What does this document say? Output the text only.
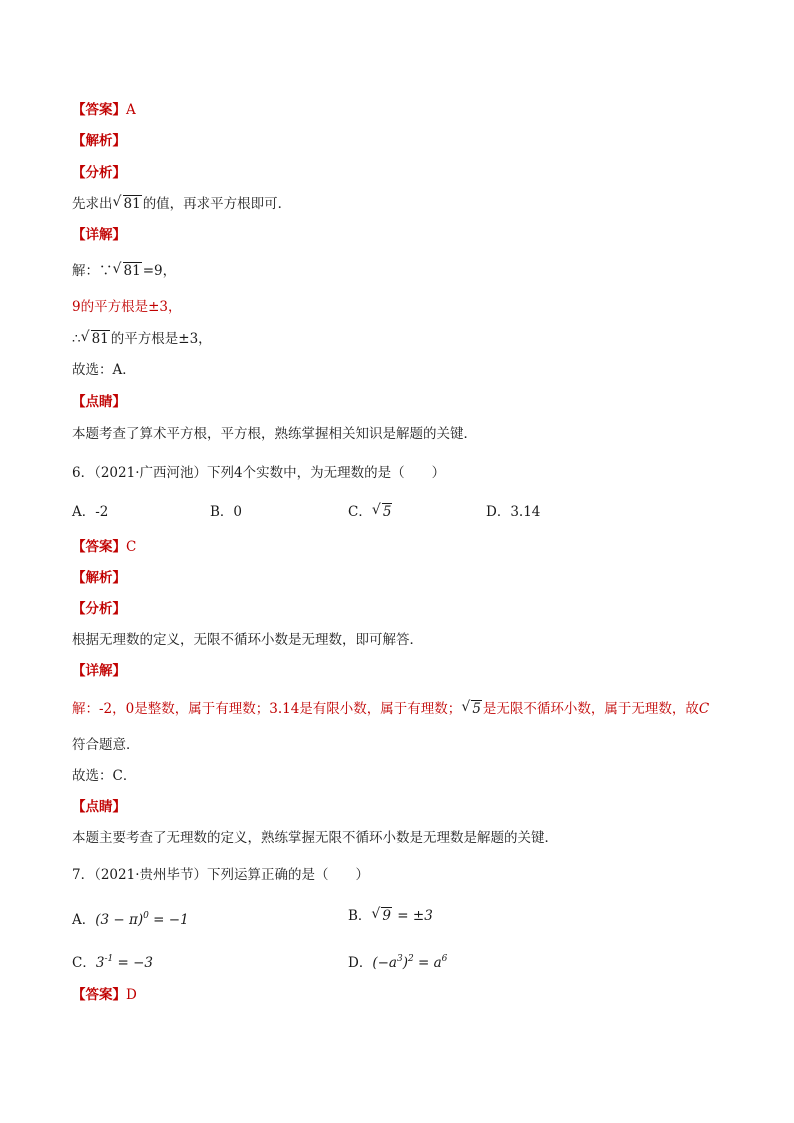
【答案】A
【解析】
【分析】
先求出 √ 81 的值，再求平方根即可．
【详解】
解：∵ √ 81 =9，
9的平方根是±3，
∴ √ 81 的平方根是±3，
故选：A．
【点睛】
本题考查了算术平方根，平方根，熟练掌握相关知识是解题的关键．
6．（2021·广西河池）下列4个实数中，为无理数的是（　　）
A．-2	B．0	C． √ 5	D．3.14
【答案】C
【解析】
【分析】
根据无理数的定义，无限不循环小数是无理数，即可解答．
【详解】
解：-2，0是整数，属于有理数；3.14是有限小数，属于有理数； √ 5 是无限不循环小数，属于无理数，故C
符合题意．
故选：C．
【点睛】
本题主要考查了无理数的定义，熟练掌握无限不循环小数是无理数是解题的关键．
7．（2021·贵州毕节）下列运算正确的是（　　）
A．$(3 - \pi)^0 = -1$	B． √ 9 = ±3
C．$3^{-1} = -3$	D．$(-a^3)^2 = a^6$
【答案】D
